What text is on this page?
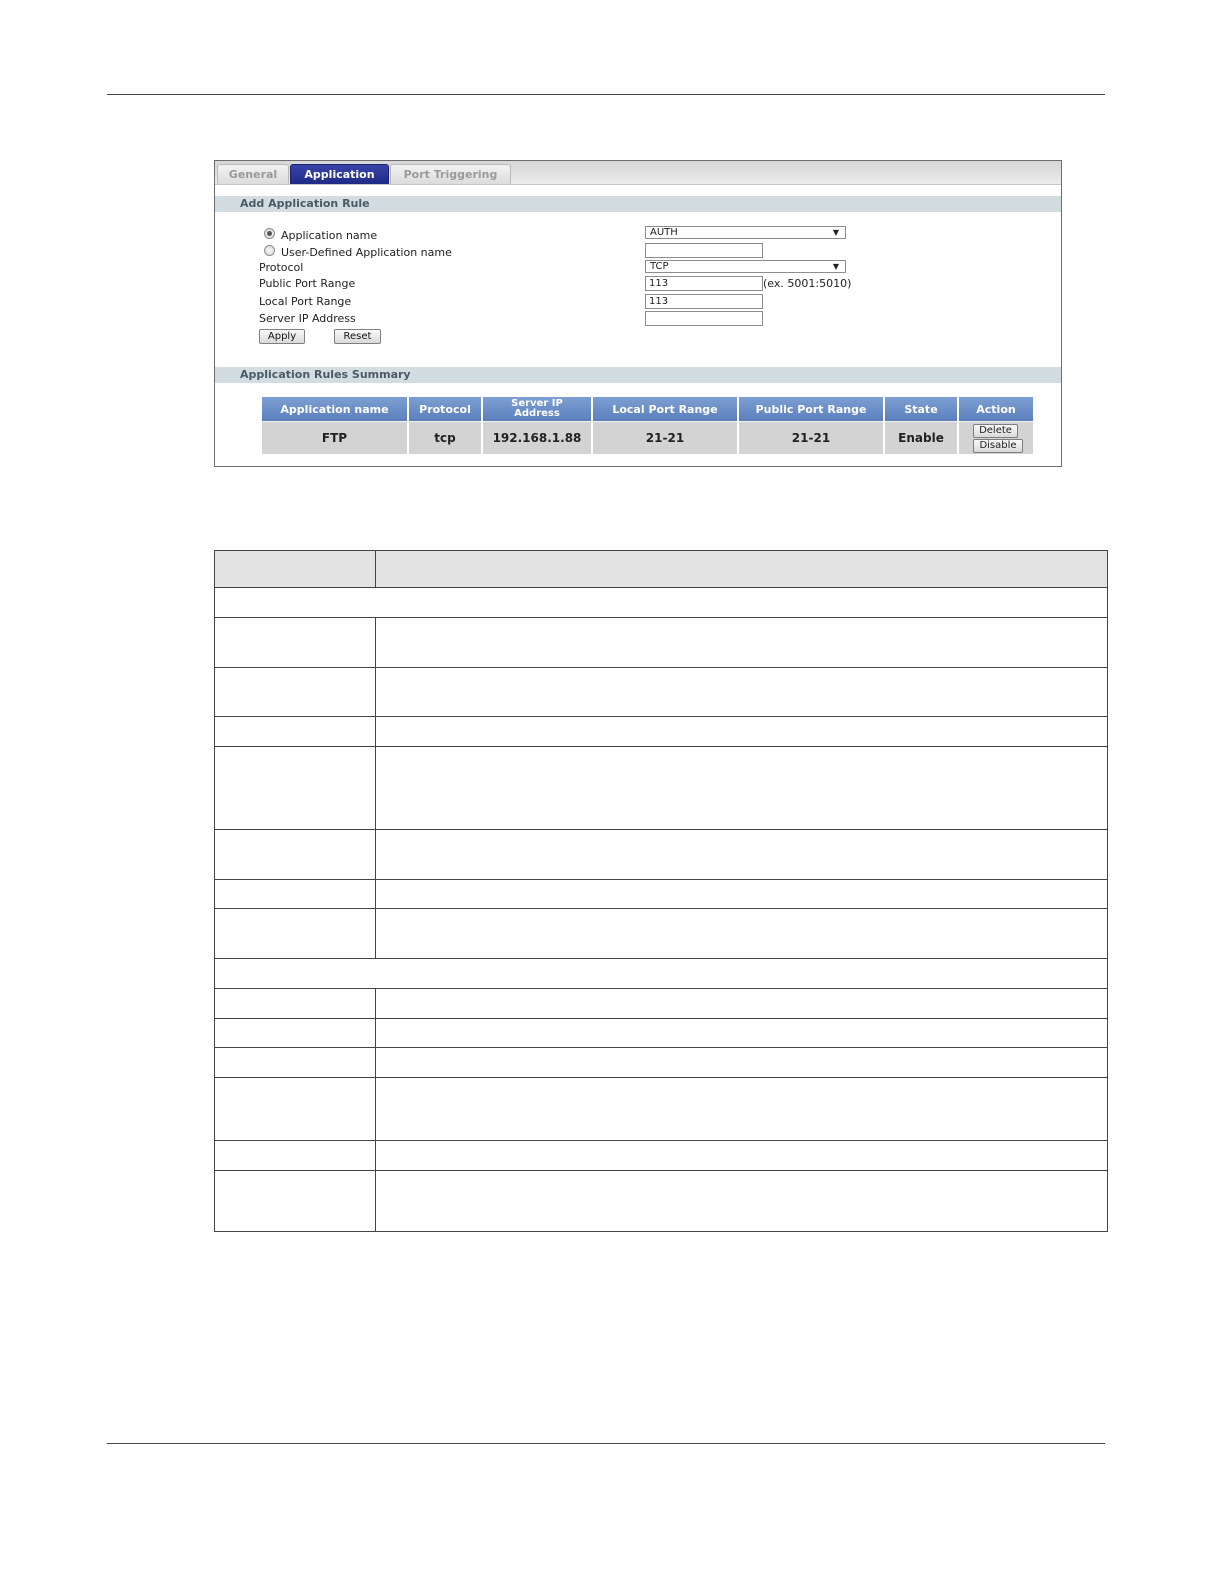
General	Application	Port Triggering
Add Application Rule
Application name	AUTH	▼
User-Defined Application name
Protocol	TCP	▼
Public Port Range	113	(ex. 5001:5010)
Local Port Range	113
Server IP Address
Apply	Reset
Application Rules Summary
Application name	Protocol	Server IP Address	Local Port Range	Public Port Range	State	Action
FTP	tcp	192.168.1.88	21-21	21-21	Enable	Delete
Disable
